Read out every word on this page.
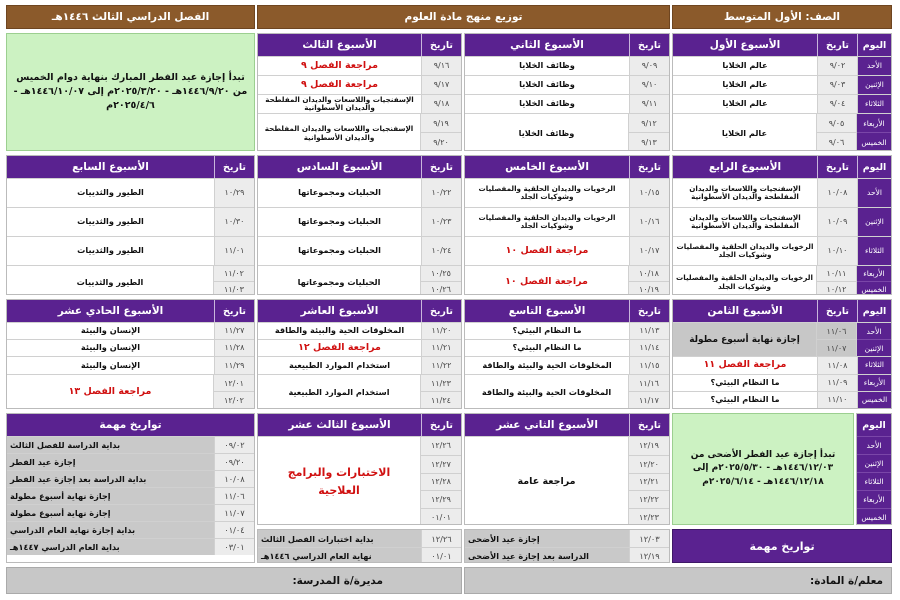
الصف: الأول المتوسط
توزيع منهج مادة العلوم
الفصل الدراسي الثالث ١٤٤٦هـ
اليوم
تاريخ
الأسبوع الأول
الأحد
٩/٠٢
عالم الخلايا
الإثنين
٩/٠٣
عالم الخلايا
الثلاثاء
٩/٠٤
عالم الخلايا
الأربعاء
الخميس
٩/٠٥
٩/٠٦
عالم الخلايا
تاريخ
الأسبوع الثاني
٩/٠٩
وظائف الخلايا
٩/١٠
وظائف الخلايا
٩/١١
وظائف الخلايا
٩/١٢
٩/١٣
وظائف الخلايا
تاريخ
الأسبوع الثالث
٩/١٦
مراجعة الفصل ٩
٩/١٧
مراجعة الفصل ٩
٩/١٨
الإسفنجيات واللاسعات والديدان المفلطحة والديدان الأسطوانية
٩/١٩
٩/٢٠
الإسفنجيات واللاسعات والديدان المفلطحة والديدان الأسطوانية
تبدأ إجازة عيد الفطر المبارك بنهاية دوام الخميس من ١٤٤٦/٩/٢٠هـ - ٢٠٢٥/٣/٢٠م إلى ١٤٤٦/١٠/٠٧هـ - ٢٠٢٥/٤/٦م
اليوم
تاريخ
الأسبوع الرابع
الأحد
١٠/٠٨
الإسفنجيات واللاسعات والديدان المفلطحة والديدان الأسطوانية
الإثنين
١٠/٠٩
الإسفنجيات واللاسعات والديدان المفلطحة والديدان الأسطوانية
الثلاثاء
١٠/١٠
الرخويات والديدان الحلقية والمفصليات وشوكيات الجلد
الأربعاء
الخميس
١٠/١١
١٠/١٢
الرخويات والديدان الحلقية والمفصليات وشوكيات الجلد
تاريخ
الأسبوع الخامس
١٠/١٥
الرخويات والديدان الحلقية والمفصليات وشوكيات الجلد
١٠/١٦
الرخويات والديدان الحلقية والمفصليات وشوكيات الجلد
١٠/١٧
مراجعة الفصل ١٠
١٠/١٨
١٠/١٩
مراجعة الفصل ١٠
تاريخ
الأسبوع السادس
١٠/٢٢
الحبليات ومجموعاتها
١٠/٢٣
الحبليات ومجموعاتها
١٠/٢٤
الحبليات ومجموعاتها
١٠/٢٥
١٠/٢٦
الحبليات ومجموعاتها
تاريخ
الأسبوع السابع
١٠/٢٩
الطيور والثدييات
١٠/٣٠
الطيور والثدييات
١١/٠١
الطيور والثدييات
١١/٠٢
١١/٠٣
الطيور والثدييات
اليوم
تاريخ
الأسبوع الثامن
الأحد
الإثنين
١١/٠٦
١١/٠٧
إجازة نهاية أسبوع مطولة
الثلاثاء
١١/٠٨
مراجعة الفصل ١١
الأربعاء
١١/٠٩
ما النظام البيئي؟
الخميس
١١/١٠
ما النظام البيئي؟
تاريخ
الأسبوع التاسع
١١/١٣
ما النظام البيئي؟
١١/١٤
ما النظام البيئي؟
١١/١٥
المخلوقات الحية والبيئة والطاقة
١١/١٦
١١/١٧
المخلوقات الحية والبيئة والطاقة
تاريخ
الأسبوع العاشر
١١/٢٠
المخلوقات الحية والبيئة والطاقة
١١/٢١
مراجعة الفصل ١٢
١١/٢٢
استخدام الموارد الطبيعية
١١/٢٣
١١/٢٤
استخدام الموارد الطبيعية
تاريخ
الأسبوع الحادي عشر
١١/٢٧
الإنسان والبيئة
١١/٢٨
الإنسان والبيئة
١١/٢٩
الإنسان والبيئة
١٢/٠١
١٢/٠٢
مراجعة الفصل ١٣
اليوم
الأحد
الإثنين
الثلاثاء
الأربعاء
الخميس
تبدأ إجازة عيد الفطر الأضحى من ١٤٤٦/١٢/٠٣هـ - ٢٠٢٥/٥/٣٠م إلى ١٤٤٦/١٢/١٨هـ - ٢٠٢٥/٦/١٤م
تاريخ
الأسبوع الثاني عشر
١٢/١٩
١٢/٢٠
١٢/٢١
١٢/٢٢
١٢/٢٣
مراجعة عامة
تاريخ
الأسبوع الثالث عشر
١٢/٢٦
١٢/٢٧
١٢/٢٨
١٢/٢٩
٠١/٠١
الاختبارات والبرامج العلاجية
تواريخ مهمة
٠٩/٠٢
بداية الدراسة للفصل الثالث
٠٩/٢٠
إجازة عيد الفطر
١٠/٠٨
بداية الدراسة بعد إجازة عيد الفطر
١١/٠٦
إجازة نهاية أسبوع مطولة
١١/٠٧
إجازة نهاية أسبوع مطولة
٠١/٠٤
بداية إجازة نهاية العام الدراسي
٠٣/٠١
بداية العام الدراسي ١٤٤٧هـ	تواريخ مهمة
١٢/٠٣
إجازة عيد الأضحى
١٢/١٩
الدراسة بعد إجازة عيد الأضحى
١٢/٢٦
بداية اختبارات الفصل الثالث
٠١/٠١
نهاية العام الدراسي ١٤٤٦هـ
معلم/ة المادة:
مديرة/ة المدرسة:
